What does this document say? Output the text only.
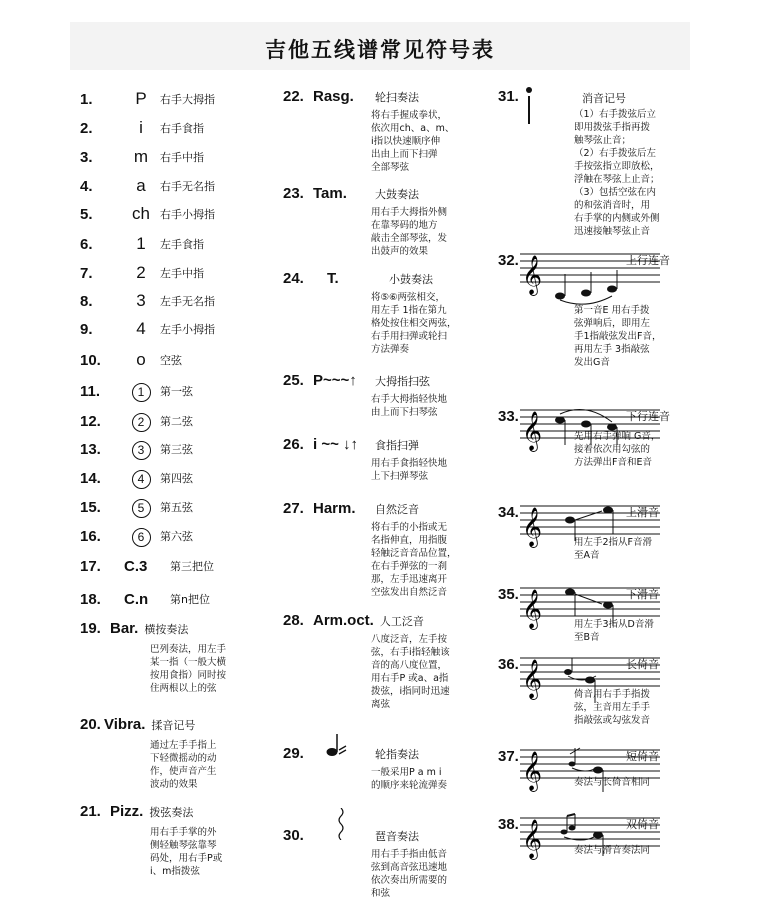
吉他五线谱常见符号表
1.	P	右手大拇指
2.	i	右手食指
3.	m	右手中指
4.	a	右手无名指
5.	ch 右手小拇指
6.	1	左手食指
7.	2	左手中指
8.	3	左手无名指
9.	4	左手小拇指
10.	o	空弦
11.	1	第一弦
12.	2	第二弦
13.	3	第三弦
14.	4	第四弦
15.	5	第五弦
16.	6	第六弦
17.	C.3	第三把位
18.	C.n	第n把位
19. Bar. 横按奏法
巴列奏法，用左手
某一指（一般大横
按用食指）同时按
住两根以上的弦
20. Vibra. 揉音记号
通过左手手指上
下轻微摇动的动
作，使声音产生
波动的效果
21. Pizz. 拨弦奏法
用右手手掌的外
侧轻触琴弦靠琴
码处，用右手P或
i、m指拨弦
22. Rasg.	轮扫奏法
将右手握成拳状，
依次用ch、a、m、
i指以快速顺序伸
出由上而下扫弹
全部琴弦
23. Tam.	大鼓奏法
用右手大拇指外侧
在靠琴码的地方
敲击全部琴弦，发
出鼓声的效果
24.	T.	小鼓奏法
将⑤⑥两弦相交，
用左手 1指在第九
格处按住相交两弦，
右手用扫弹或轮扫
方法弹奏
25. P~~~↑	大拇指扫弦
右手大拇指轻快地
由上而下扫琴弦
26. i ~~ ↓↑	食指扫弹
用右手食指轻快地
上下扫弹琴弦
27. Harm.	自然泛音
将右手的小指或无
名指伸直，用指腹
轻触泛音音品位置，
在右手弹弦的一刹
那，左手迅速离开
空弦发出自然泛音
28. Arm.oct. 人工泛音
八度泛音，左手按
弦，右手i指轻触该
音的高八度位置，
用右手P 或a、a指
拨弦，i指同时迅速
离弦
29.	轮指奏法
一般采用P a m i
的顺序来轮流弹奏
30.	琶音奏法
用右手手指由低音
弦到高音弦迅速地
依次奏出所需要的
和弦
31.	消音记号
（1）右手拨弦后立
即用拨弦手指再拨
触琴弦止音；
（2）右手拨弦后左
手按弦指立即放松，
浮触在琴弦上止音；
（3）包括空弦在内
的和弦消音时，用
右手掌的内侧或外侧
迅速接触琴弦止音
32. 𝄞	上行连音
第一音E 用右手拨
弦弹响后，即用左
手1指敲弦发出F音，
再用左手 3指敲弦
发出G音
33. 𝄞	下行连音
先用右手弹响 G音，
接着依次用勾弦的
方法弹出F音和E音
34. 𝄞	上滑音
用左手2指从F音滑
至A音
35. 𝄞	下滑音
用左手3指从D音滑
至B音
36. 𝄞	长倚音
倚音用右手手指拨
弦，主音用左手手
指敲弦或勾弦发音
37. 𝄞	短倚音
奏法与长倚音相同
38. 𝄞	双倚音
奏法与滑音奏法同
